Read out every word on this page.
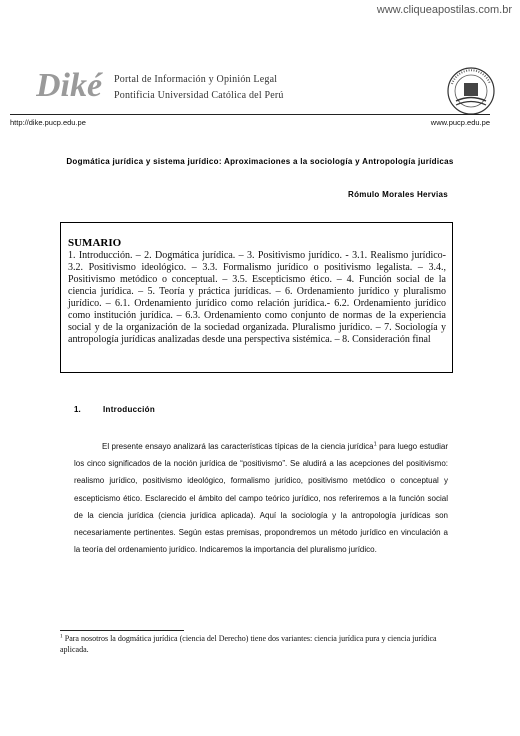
www.cliqueapostilas.com.br
Diké Portal de Información y Opinión Legal
Pontificia Universidad Católica del Perú
http://dike.pucp.edu.pe	www.pucp.edu.pe
Dogmática jurídica y sistema jurídico: Aproximaciones a la sociología y Antropología jurídicas
Rómulo Morales Hervias
SUMARIO
1. Introducción. – 2. Dogmática jurídica. – 3. Positivismo jurídico. - 3.1. Realismo jurídico- 3.2. Positivismo ideológico. – 3.3. Formalismo jurídico o positivismo legalista. – 3.4., Positivismo metódico o conceptual. – 3.5. Escepticismo ético. – 4. Función social de la ciencia jurídica. – 5. Teoría y práctica jurídicas. – 6. Ordenamiento jurídico y pluralismo jurídico. – 6.1. Ordenamiento jurídico como relación jurídica.- 6.2. Ordenamiento jurídico como institución jurídica. – 6.3. Ordenamiento como conjunto de normas de la experiencia social y de la organización de la sociedad organizada. Pluralismo jurídico. – 7. Sociología y antropología jurídicas analizadas desde una perspectiva sistémica. – 8. Consideración final
1.	Introducción
El presente ensayo analizará las características típicas de la ciencia jurídica$^1$ para luego estudiar los cinco significados de la noción jurídica de “positivismo”. Se aludirá a las acepciones del positivismo: realismo jurídico, positivismo ideológico, formalismo jurídico, positivismo metódico o conceptual y escepticismo ético. Esclarecido el ámbito del campo teórico jurídico, nos referiremos a la función social de la ciencia jurídica (ciencia jurídica aplicada). Aquí la sociología y la antropología jurídicas son necesariamente pertinentes. Según estas premisas, propondremos un método jurídico en vinculación a la teoría del ordenamiento jurídico. Indicaremos la importancia del pluralismo jurídico.
$^1$ Para nosotros la dogmática jurídica (ciencia del Derecho) tiene dos variantes: ciencia jurídica pura y ciencia jurídica aplicada.
